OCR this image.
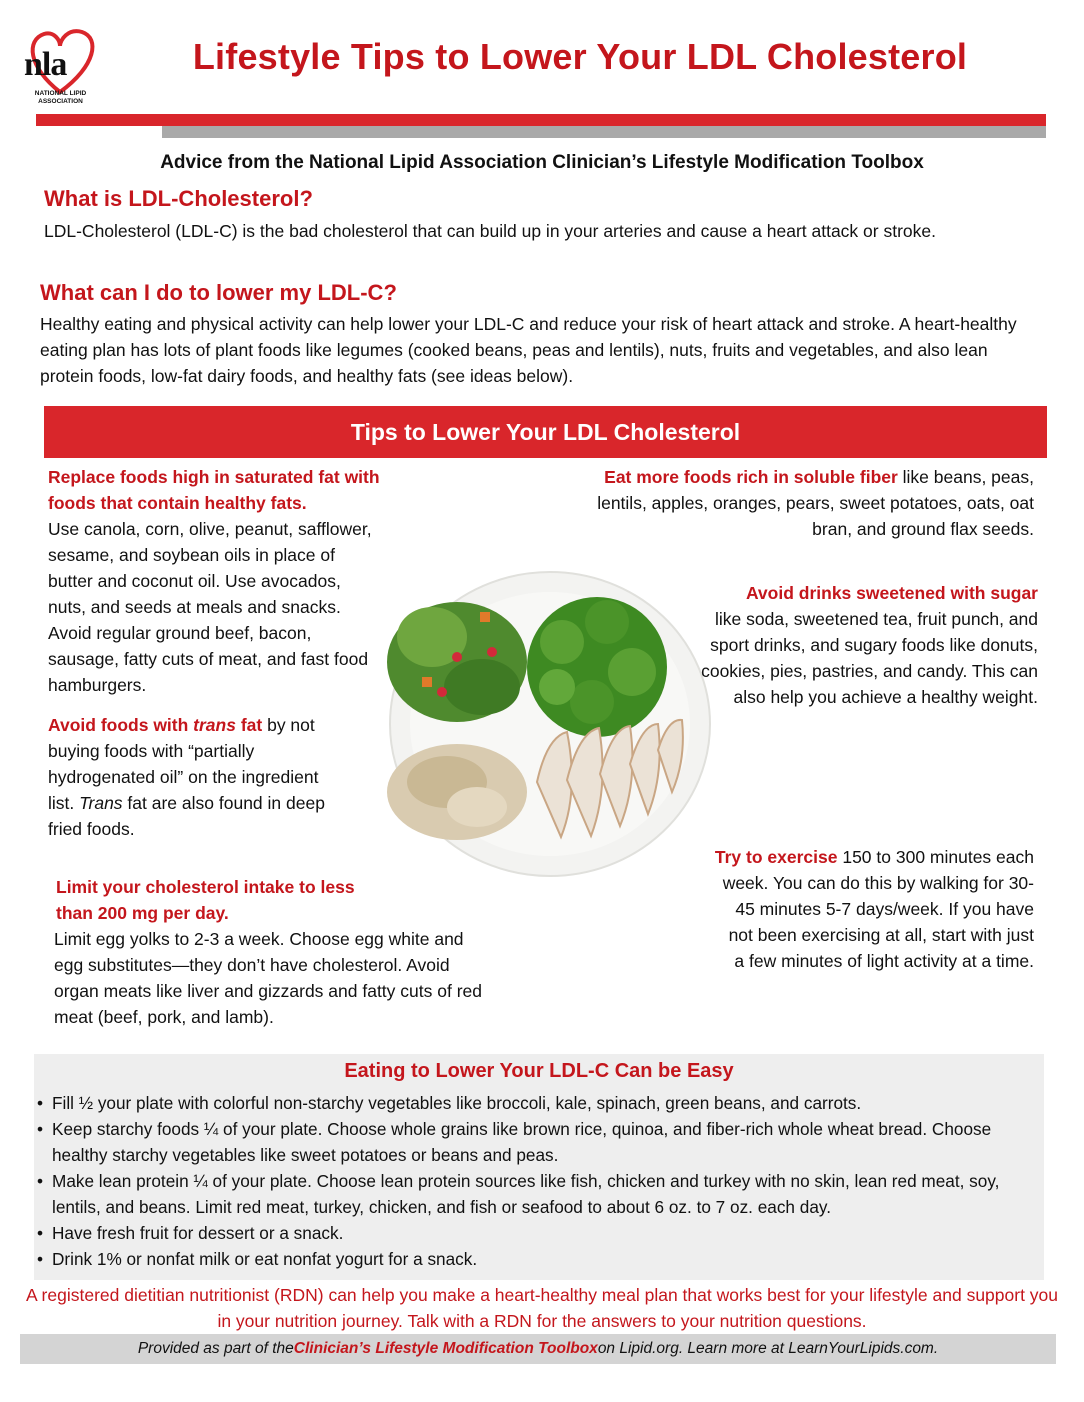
nla
NATIONAL LIPID
ASSOCIATION
Lifestyle Tips to Lower Your LDL Cholesterol
Advice from the National Lipid Association Clinician’s Lifestyle Modification Toolbox
What is LDL-Cholesterol?
LDL-Cholesterol (LDL-C) is the bad cholesterol that can build up in your arteries and cause a heart attack or stroke.
What can I do to lower my LDL-C?
Healthy eating and physical activity can help lower your LDL-C and reduce your risk of heart attack and stroke. A heart-healthy eating plan has lots of plant foods like legumes (cooked beans, peas and lentils), nuts, fruits and vegetables, and also lean protein foods, low-fat dairy foods, and healthy fats (see ideas below).
Tips to Lower Your LDL Cholesterol
Replace foods high in saturated fat with foods that contain healthy fats.
Use canola, corn, olive, peanut, safflower, sesame, and soybean oils in place of butter and coconut oil. Use avocados, nuts, and seeds at meals and snacks. Avoid regular ground beef, bacon, sausage, fatty cuts of meat, and fast food hamburgers.
Avoid foods with trans fat by not buying foods with “partially hydrogenated oil” on the ingredient list. Trans fat are also found in deep fried foods.
Limit your cholesterol intake to less than 200 mg per day.
Limit egg yolks to 2-3 a week. Choose egg white and egg substitutes—they don’t have cholesterol. Avoid organ meats like liver and gizzards and fatty cuts of red meat (beef, pork, and lamb).
Eat more foods rich in soluble fiber like beans, peas, lentils, apples, oranges, pears, sweet potatoes, oats, oat bran, and ground flax seeds.
Avoid drinks sweetened with sugar
like soda, sweetened tea, fruit punch, and sport drinks, and sugary foods like donuts, cookies, pies, pastries, and candy. This can also help you achieve a healthy weight.
Try to exercise 150 to 300 minutes each week. You can do this by walking for 30-45 minutes 5-7 days/week. If you have not been exercising at all, start with just a few minutes of light activity at a time.
Eating to Lower Your LDL-C Can be Easy
• Fill ½ your plate with colorful non-starchy vegetables like broccoli, kale, spinach, green beans, and carrots.
• Keep starchy foods ¼ of your plate. Choose whole grains like brown rice, quinoa, and fiber-rich whole wheat bread. Choose healthy starchy vegetables like sweet potatoes or beans and peas.
• Make lean protein ¼ of your plate. Choose lean protein sources like fish, chicken and turkey with no skin, lean red meat, soy, lentils, and beans. Limit red meat, turkey, chicken, and fish or seafood to about 6 oz. to 7 oz. each day.
• Have fresh fruit for dessert or a snack.
• Drink 1% or nonfat milk or eat nonfat yogurt for a snack.
A registered dietitian nutritionist (RDN) can help you make a heart-healthy meal plan that works best for your lifestyle and support you in your nutrition journey. Talk with a RDN for the answers to your nutrition questions.
Provided as part of the Clinician’s Lifestyle Modification Toolbox on Lipid.org. Learn more at LearnYourLipids.com.
